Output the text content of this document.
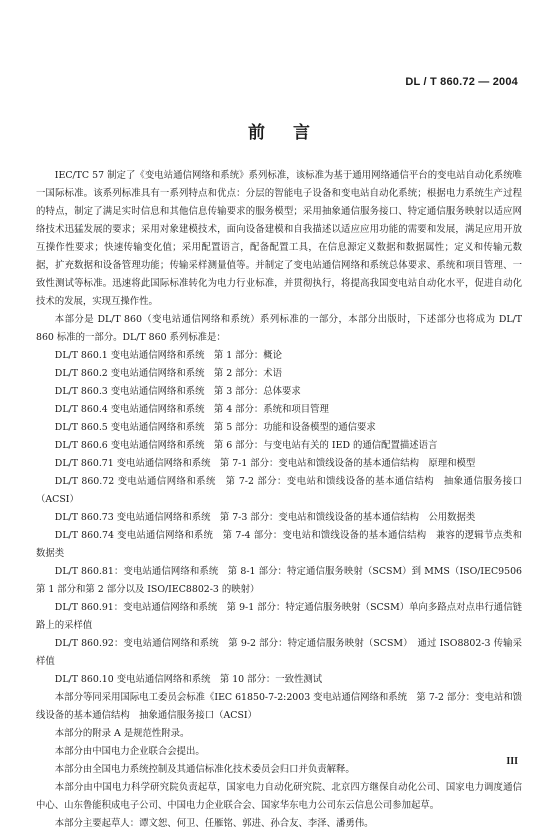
DL / T 860.72 — 2004
前言

IEC/TC 57 制定了《变电站通信网络和系统》系列标准，该标准为基于通用网络通信平台的变电站自动化系统唯一国际标准。该系列标准具有一系列特点和优点：分层的智能电子设备和变电站自动化系统；根据电力系统生产过程的特点，制定了满足实时信息和其他信息传输要求的服务模型；采用抽象通信服务接口、特定通信服务映射以适应网络技术迅猛发展的要求；采用对象建模技术，面向设备建模和自我描述以适应应用功能的需要和发展，满足应用开放互操作性要求；快速传输变化值；采用配置语言，配备配置工具，在信息源定义数据和数据属性；定义和传输元数据，扩充数据和设备管理功能；传输采样测量值等。并制定了变电站通信网络和系统总体要求、系统和项目管理、一致性测试等标准。迅速将此国际标准转化为电力行业标准，并贯彻执行，将提高我国变电站自动化水平，促进自动化技术的发展，实现互操作性。

本部分是 DL/T 860（变电站通信网络和系统）系列标准的一部分，本部分出版时，下述部分也将成为 DL/T 860 标准的一部分。DL/T 860 系列标准是：

DL/T 860.1 变电站通信网络和系统　第 1 部分：概论

DL/T 860.2 变电站通信网络和系统　第 2 部分：术语

DL/T 860.3 变电站通信网络和系统　第 3 部分：总体要求

DL/T 860.4 变电站通信网络和系统　第 4 部分：系统和项目管理

DL/T 860.5 变电站通信网络和系统　第 5 部分：功能和设备模型的通信要求

DL/T 860.6 变电站通信网络和系统　第 6 部分：与变电站有关的 IED 的通信配置描述语言

DL/T 860.71 变电站通信网络和系统　第 7-1 部分：变电站和馈线设备的基本通信结构　原理和模型

DL/T 860.72 变电站通信网络和系统　第 7-2 部分：变电站和馈线设备的基本通信结构　抽象通信服务接口（ACSI）

DL/T 860.73 变电站通信网络和系统　第 7-3 部分：变电站和馈线设备的基本通信结构　公用数据类

DL/T 860.74 变电站通信网络和系统　第 7-4 部分：变电站和馈线设备的基本通信结构　兼容的逻辑节点类和数据类

DL/T 860.81：变电站通信网络和系统　第 8-1 部分：特定通信服务映射（SCSM）到 MMS（ISO/IEC9506 第 1 部分和第 2 部分以及 ISO/IEC8802-3 的映射）

DL/T 860.91：变电站通信网络和系统　第 9-1 部分：特定通信服务映射（SCSM）单向多路点对点串行通信链路上的采样值

DL/T 860.92：变电站通信网络和系统　第 9-2 部分：特定通信服务映射（SCSM）　通过 ISO8802-3 传输采样值

DL/T 860.10 变电站通信网络和系统　第 10 部分：一致性测试

本部分等同采用国际电工委员会标准《IEC 61850-7-2:2003 变电站通信网络和系统　第 7-2 部分：变电站和馈线设备的基本通信结构　抽象通信服务接口（ACSI）

本部分的附录 A 是规范性附录。

本部分由中国电力企业联合会提出。

本部分由全国电力系统控制及其通信标准化技术委员会归口并负责解释。

本部分由中国电力科学研究院负责起草，国家电力自动化研究院、北京四方继保自动化公司、国家电力调度通信中心、山东鲁能积成电子公司、中国电力企业联合会、国家华东电力公司东云信息公司参加起草。

本部分主要起草人：谭文恕、何卫、任雁铭、郭进、孙合友、李泽、潘勇伟。

III
